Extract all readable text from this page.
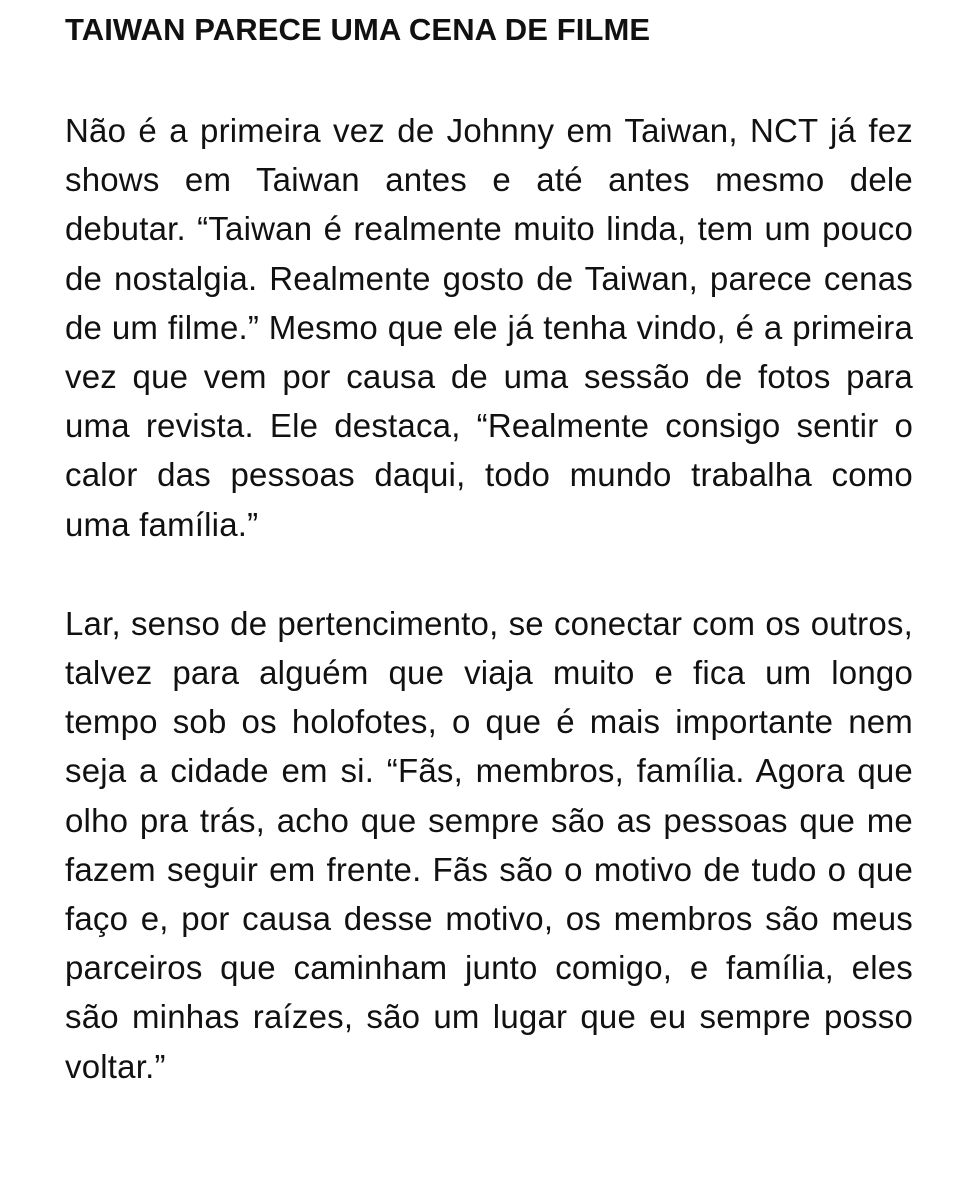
TAIWAN PARECE UMA CENA DE FILME

Não é a primeira vez de Johnny em Taiwan, NCT já fez shows em Taiwan antes e até antes mesmo dele debutar. “Taiwan é realmente muito linda, tem um pouco de nostalgia. Realmente gosto de Taiwan, parece cenas de um filme.” Mesmo que ele já tenha vindo, é a primeira vez que vem por causa de uma sessão de fotos para uma revista. Ele destaca, “Realmente consigo sentir o calor das pessoas daqui, todo mundo trabalha como uma família.”

Lar, senso de pertencimento, se conectar com os outros, talvez para alguém que viaja muito e fica um longo tempo sob os holofotes, o que é mais importante nem seja a cidade em si. “Fãs, membros, família. Agora que olho pra trás, acho que sempre são as pessoas que me fazem seguir em frente. Fãs são o motivo de tudo o que faço e, por causa desse motivo, os membros são meus parceiros que caminham junto comigo, e família, eles são minhas raízes, são um lugar que eu sempre posso voltar.”
